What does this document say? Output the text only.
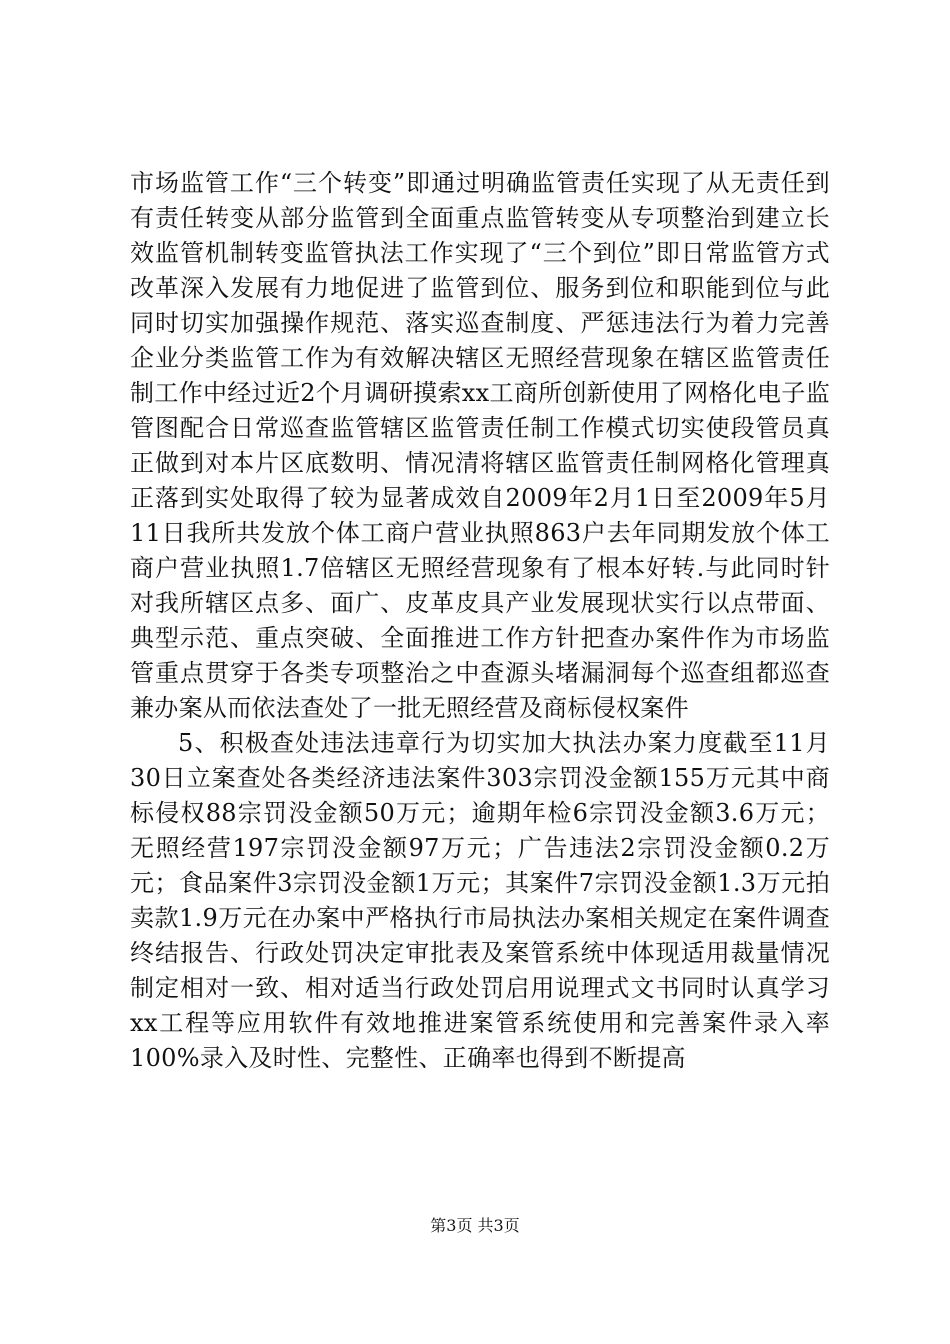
市场监管工作“三个转变”即通过明确监管责任实现了从无责任到有责任转变从部分监管到全面重点监管转变从专项整治到建立长效监管机制转变监管执法工作实现了“三个到位”即日常监管方式改革深入发展有力地促进了监管到位、服务到位和职能到位与此同时切实加强操作规范、落实巡查制度、严惩违法行为着力完善企业分类监管工作为有效解决辖区无照经营现象在辖区监管责任制工作中经过近2个月调研摸索xx工商所创新使用了网格化电子监管图配合日常巡查监管辖区监管责任制工作模式切实使段管员真正做到对本片区底数明、情况清将辖区监管责任制网格化管理真正落到实处取得了较为显著成效自2009年2月1日至2009年5月11日我所共发放个体工商户营业执照863户去年同期发放个体工商户营业执照1.7倍辖区无照经营现象有了根本好转.与此同时针对我所辖区点多、面广、皮革皮具产业发展现状实行以点带面、典型示范、重点突破、全面推进工作方针把查办案件作为市场监管重点贯穿于各类专项整治之中查源头堵漏洞每个巡查组都巡查兼办案从而依法查处了一批无照经营及商标侵权案件

5、积极查处违法违章行为切实加大执法办案力度截至11月30日立案查处各类经济违法案件303宗罚没金额155万元其中商标侵权88宗罚没金额50万元；逾期年检6宗罚没金额3.6万元；无照经营197宗罚没金额97万元；广告违法2宗罚没金额0.2万元；食品案件3宗罚没金额1万元；其案件7宗罚没金额1.3万元拍卖款1.9万元在办案中严格执行市局执法办案相关规定在案件调查终结报告、行政处罚决定审批表及案管系统中体现适用裁量情况制定相对一致、相对适当行政处罚启用说理式文书同时认真学习xx工程等应用软件有效地推进案管系统使用和完善案件录入率100%录入及时性、完整性、正确率也得到不断提高

第3页 共3页
